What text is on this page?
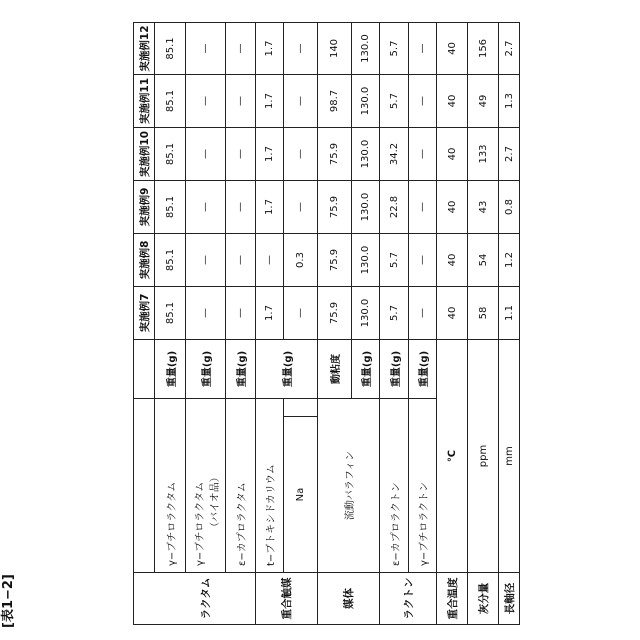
[表1−2]
			実施例7	実施例8	実施例9	実施例10	実施例11	実施例12
	γ−ブチロラクタム	重量(g)	85.1	85.1	85.1	85.1	85.1	85.1
ラクタム	γ−ブチロラクタム （バイオ品）	重量(g)	—	—	—	—	—	—
	ε−カプロラクタム	重量(g)	—	—	—	—	—	—
重合触媒	t−ブトキシドカリウム	重量(g)	1.7	—	1.7	1.7	1.7	1.7
Na		—	0.3	—	—	—	—
媒体	流動パラフィン	動粘度	75.9	75.9	75.9	75.9	98.7	140
重量(g)	130.0	130.0	130.0	130.0	130.0	130.0
ラクトン	ε−カプロラクトン	重量(g)	5.7	5.7	22.8	34.2	5.7	5.7
γ−ブチロラクトン	重量(g)	—	—	—	—	—	—
重合温度	℃	40	40	40	40	40	40
灰分量	ppm	58	54	43	133	49	156
長軸径	mm	1.1	1.2	0.8	2.7	1.3	2.7
